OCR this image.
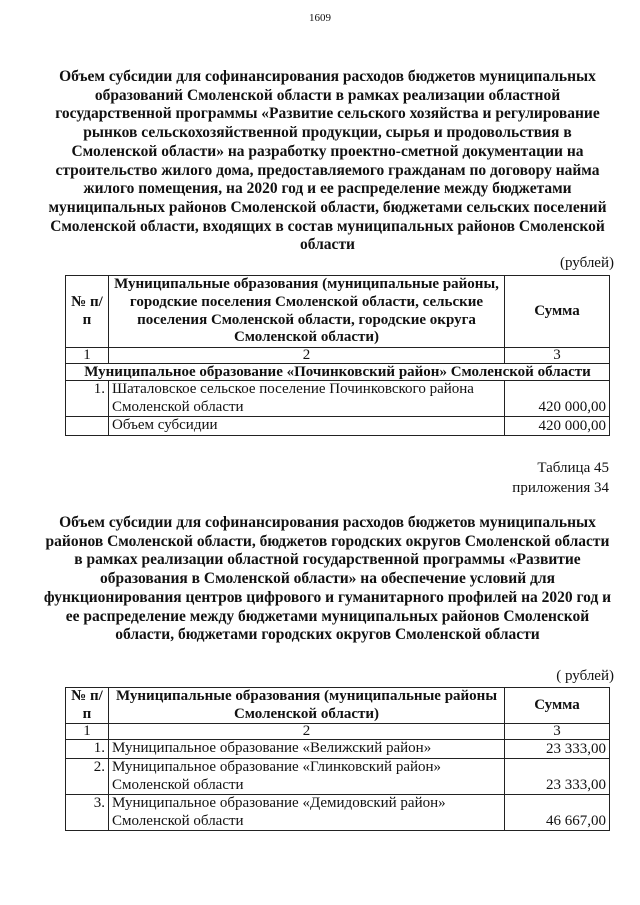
1609
Объем субсидии для софинансирования расходов бюджетов муниципальных образований Смоленской области в рамках реализации областной государственной программы «Развитие сельского хозяйства и регулирование рынков сельскохозяйственной продукции, сырья и продовольствия в Смоленской области» на разработку проектно-сметной документации на строительство жилого дома, предоставляемого гражданам по договору найма жилого помещения, на 2020 год и ее распределение между бюджетами муниципальных районов Смоленской области, бюджетами сельских поселений Смоленской области, входящих в состав муниципальных районов Смоленской области
(рублей)
№ п/п	Муниципальные образования (муниципальные районы, городские поселения Смоленской области, сельские поселения Смоленской области, городские округа Смоленской области)	Сумма
1	2	3
Муниципальное образование «Починковский район» Смоленской области		
1.	Шаталовское сельское поселение Починковского района Смоленской области	420 000,00
	Объем субсидии	420 000,00
Таблица 45
приложения 34
Объем субсидии для софинансирования расходов бюджетов муниципальных районов Смоленской области, бюджетов городских округов Смоленской области в рамках реализации областной государственной программы «Развитие образования в Смоленской области» на обеспечение условий для функционирования центров цифрового и гуманитарного профилей на 2020 год и ее распределение между бюджетами муниципальных районов Смоленской области, бюджетами городских округов Смоленской области
( рублей)
№ п/п	Муниципальные образования (муниципальные районы Смоленской области)	Сумма
1	2	3
1.	Муниципальное образование «Велижский район»	23 333,00
2.	Муниципальное образование «Глинковский район» Смоленской области	23 333,00
3.	Муниципальное образование «Демидовский район» Смоленской области	46 667,00
